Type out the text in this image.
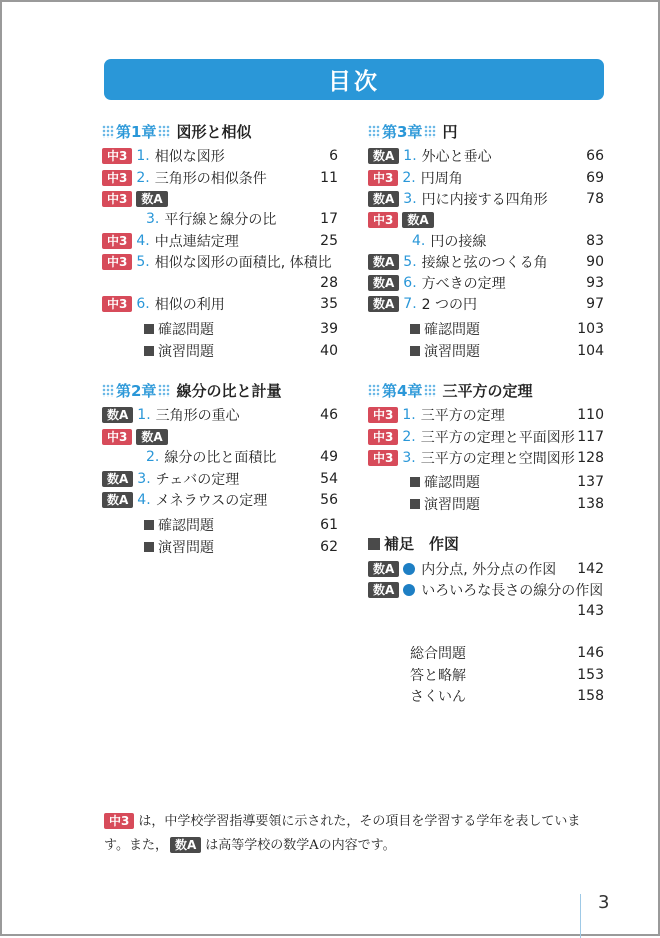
目次
第1章 図形と相似
中3 1. 相似な図形	6
中3 2. 三角形の相似条件	11
中3	数A
3. 平行線と線分の比	17
中3 4. 中点連結定理	25
中3 5. 相似な図形の面積比, 体積比
28
中3 6. 相似の利用	35
確認問題	39
演習問題	40
第2章 線分の比と計量
数A 1. 三角形の重心	46
中3	数A
2. 線分の比と面積比	49
数A 3. チェバの定理	54
数A 4. メネラウスの定理	56
確認問題	61
演習問題	62
第3章 円
数A 1. 外心と垂心	66
中3 2. 円周角	69
数A 3. 円に内接する四角形	78
中3	数A
4. 円の接線	83
数A 5. 接線と弦のつくる角	90
数A 6. 方べきの定理	93
数A 7. 2 つの円	97
確認問題	103
演習問題	104
第4章 三平方の定理
中3 1. 三平方の定理	110
中3 2. 三平方の定理と平面図形 117
中3 3. 三平方の定理と空間図形 128
確認問題	137
演習問題	138
補足　作図
数A	内分点, 外分点の作図	142
数A	いろいろな長さの線分の作図
143
総合問題	146
答と略解	153
さくいん	158
中3 は，中学校学習指導要領に示された，その項目を学習する学年を表していま
す。また， 数A は高等学校の数学Aの内容です。
3
